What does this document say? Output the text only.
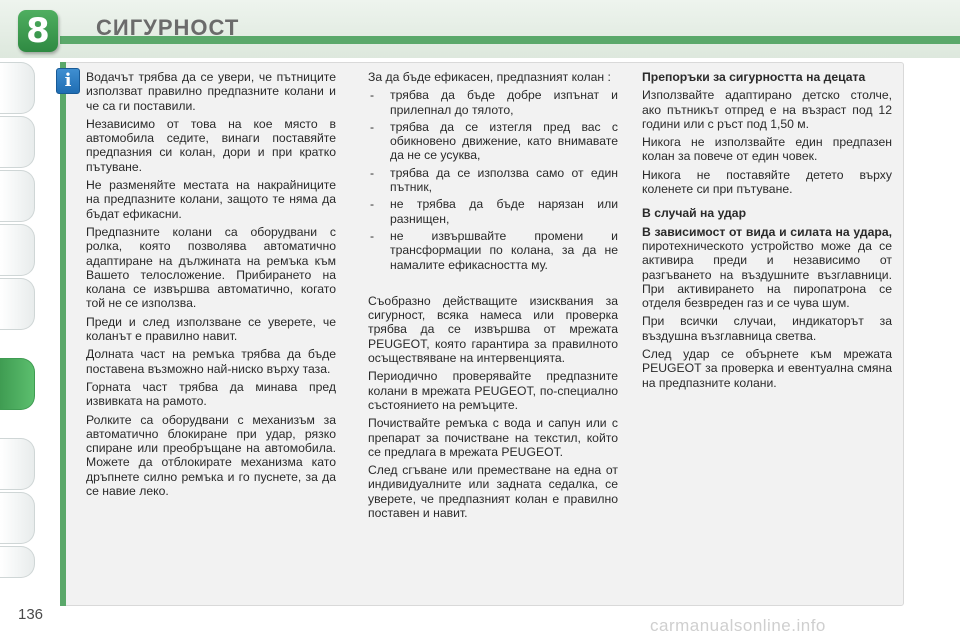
8	СИГУРНОСТ
i	Водачът трябва да се увери, че пътниците използват правилно предпазните колани и че са ги поставили.

Независимо от това на кое място в автомобила седите, винаги поставяйте предпазния си колан, дори и при кратко пътуване.

Не разменяйте местата на накрайниците на предпазните колани, защото те няма да бъдат ефикасни.

Предпазните колани са оборудвани с ролка, която позволява автоматично адаптиране на дължината на ремъка към Вашето телосложение. Прибирането на колана се извършва автоматично, когато той не се използва.

Преди и след използване се уверете, че коланът е правилно навит.

Долната част на ремъка трябва да бъде поставена възможно най-ниско върху таза.

Горната част трябва да минава пред извивката на рамото.

Ролките са оборудвани с механизъм за автоматично блокиране при удар, рязко спиране или преобръщане на автомобила. Можете да отблокирате механизма като дръпнете силно ремъка и го пуснете, за да се навие леко.

За да бъде ефикасен, предпазният колан :

- трябва да бъде добре изпънат и прилепнал до тялото,
- трябва да се изтегля пред вас с обикновено движение, като внимавате да не се усуква,
- трябва да се използва само от един пътник,
- не трябва да бъде нарязан или разнищен,
- не извършвайте промени и трансформации по колана, за да не намалите ефикасността му.

Съобразно действащите изисквания за сигурност, всяка намеса или проверка трябва да се извършва от мрежата PEUGEOT, която гарантира за правилното осъществяване на интервенцията.

Периодично проверявайте предпазните колани в мрежата PEUGEOT, по-специално състоянието на ремъците.

Почиствайте ремъка с вода и сапун или с препарат за почистване на текстил, който се предлага в мрежата PEUGEOT.

След сгъване или преместване на една от индивидуалните или задната седалка, се уверете, че предпазният колан е правилно поставен и навит.

Препоръки за сигурността на децата

Използвайте адаптирано детско столче, ако пътникът отпред е на възраст под 12 години или с ръст под 1,50 м.

Никога не използвайте един предпазен колан за повече от един човек.

Никога не поставяйте детето върху коленете си при пътуване.

В случай на удар

В зависимост от вида и силата на удара, пиротехническото устройство може да се активира преди и независимо от разгъването на въздушните възглавници. При активирането на пиропатрона се отделя безвреден газ и се чува шум.

При всички случаи, индикаторът за въздушна възглавница светва.

След удар се обърнете към мрежата PEUGEOT за проверка и евентуална смяна на предпазните колани.

136
carmanualsonline.info
